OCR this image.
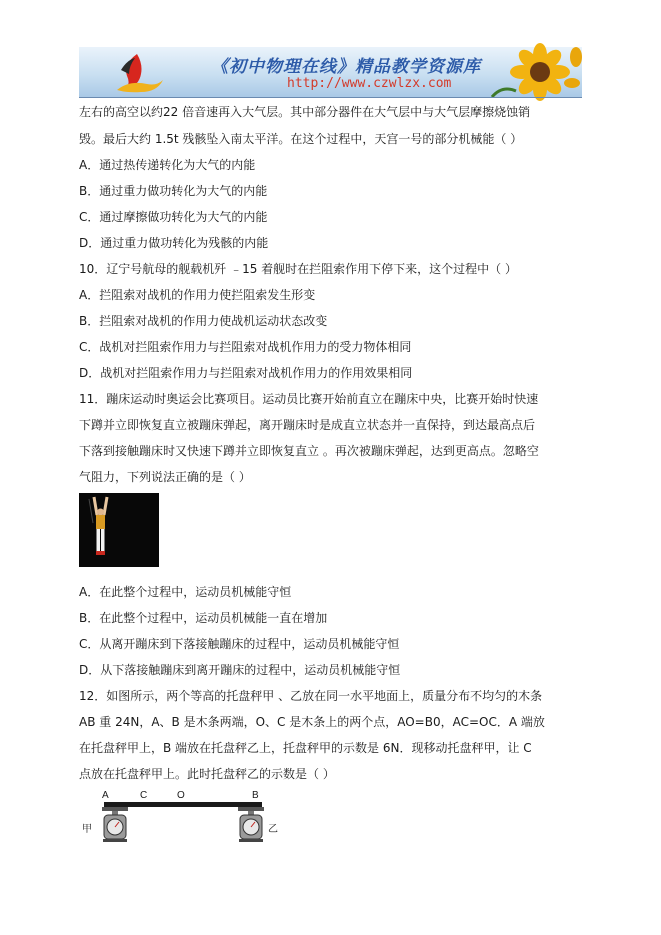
《初中物理在线》精品教学资源库
http://www.czwlzx.com
左右的高空以约22 倍音速再入大气层。其中部分器件在大气层中与大气层摩擦烧蚀销
毁。最后大约 1.5t 残骸坠入南太平洋。在这个过程中，天宫一号的部分机械能（ ）
A．通过热传递转化为大气的内能
B．通过重力做功转化为大气的内能
C．通过摩擦做功转化为大气的内能
D．通过重力做功转化为残骸的内能
10．辽宁号航母的舰载机歼 ﹣15 着舰时在拦阻索作用下停下来，这个过程中（ ）
A．拦阻索对战机的作用力使拦阻索发生形变
B．拦阻索对战机的作用力使战机运动状态改变
C．战机对拦阻索作用力与拦阻索对战机作用力的受力物体相同
D．战机对拦阻索作用力与拦阻索对战机作用力的作用效果相同
11．蹦床运动时奥运会比赛项目。运动员比赛开始前直立在蹦床中央，比赛开始时快速
下蹲并立即恢复直立被蹦床弹起，离开蹦床时是成直立状态并一直保持，到达最高点后
下落到接触蹦床时又快速下蹲并立即恢复直立 。再次被蹦床弹起，达到更高点。忽略空
气阻力，下列说法正确的是（ ）
A．在此整个过程中，运动员机械能守恒
B．在此整个过程中，运动员机械能一直在增加
C．从离开蹦床到下落接触蹦床的过程中，运动员机械能守恒
D．从下落接触蹦床到离开蹦床的过程中，运动员机械能守恒
12．如图所示，两个等高的托盘秤甲 、乙放在同一水平地面上，质量分布不均匀的木条
AB 重 24N，A、B 是木条两端，O、C 是木条上的两个点，AO=B0，AC=OC．A 端放
在托盘秤甲上，B 端放在托盘秤乙上，托盘秤甲的示数是 6N．现移动托盘秤甲，让 C
点放在托盘秤甲上。此时托盘秤乙的示数是（ ）
A	C	O	B
甲	乙
